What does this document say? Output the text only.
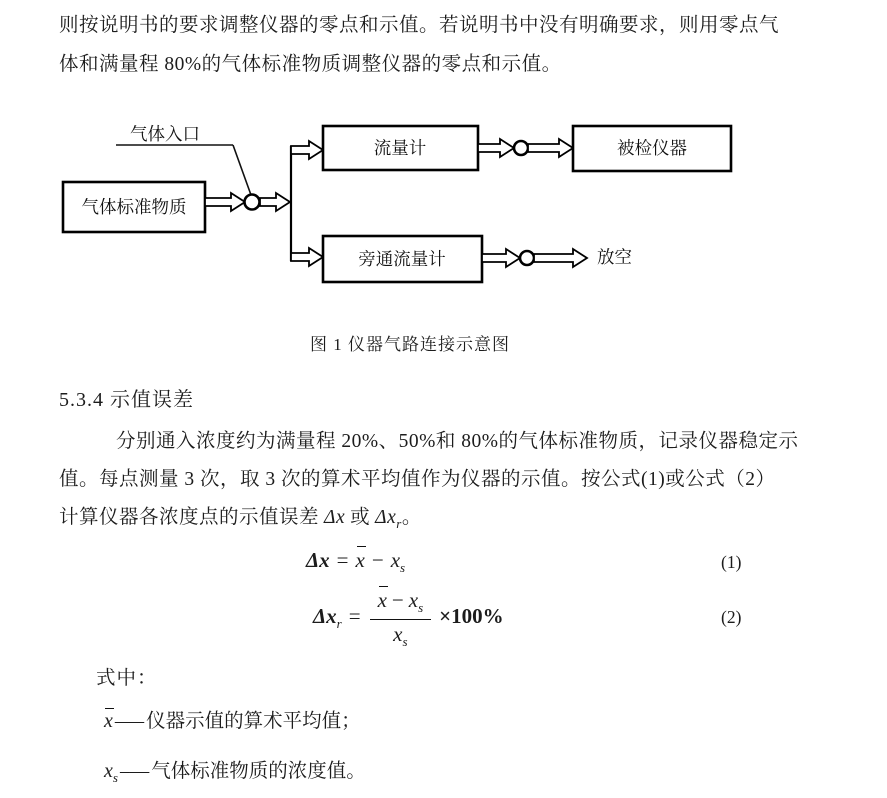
则按说明书的要求调整仪器的零点和示值。若说明书中没有明确要求，则用零点气
体和满量程 80%的气体标准物质调整仪器的零点和示值。
气体入口
气体标准物质
流量计	被检仪器
旁通流量计	放空
图 1 仪器气路连接示意图
5.3.4 示值误差
分别通入浓度约为满量程 20%、50%和 80%的气体标准物质，记录仪器稳定示
值。每点测量 3 次，取 3 次的算术平均值作为仪器的示值。按公式(1)或公式（2）
计算仪器各浓度点的示值误差 Δx 或 $\Delta x_r$。
$\Delta x = x - x_s$	(1)
$\Delta x_r = \frac{x - x_s}{x_s} \times 100\%$	(2)
式中：
x ––– 仪器示值的算术平均值；
$x_s$ ––– 气体标准物质的浓度值。
